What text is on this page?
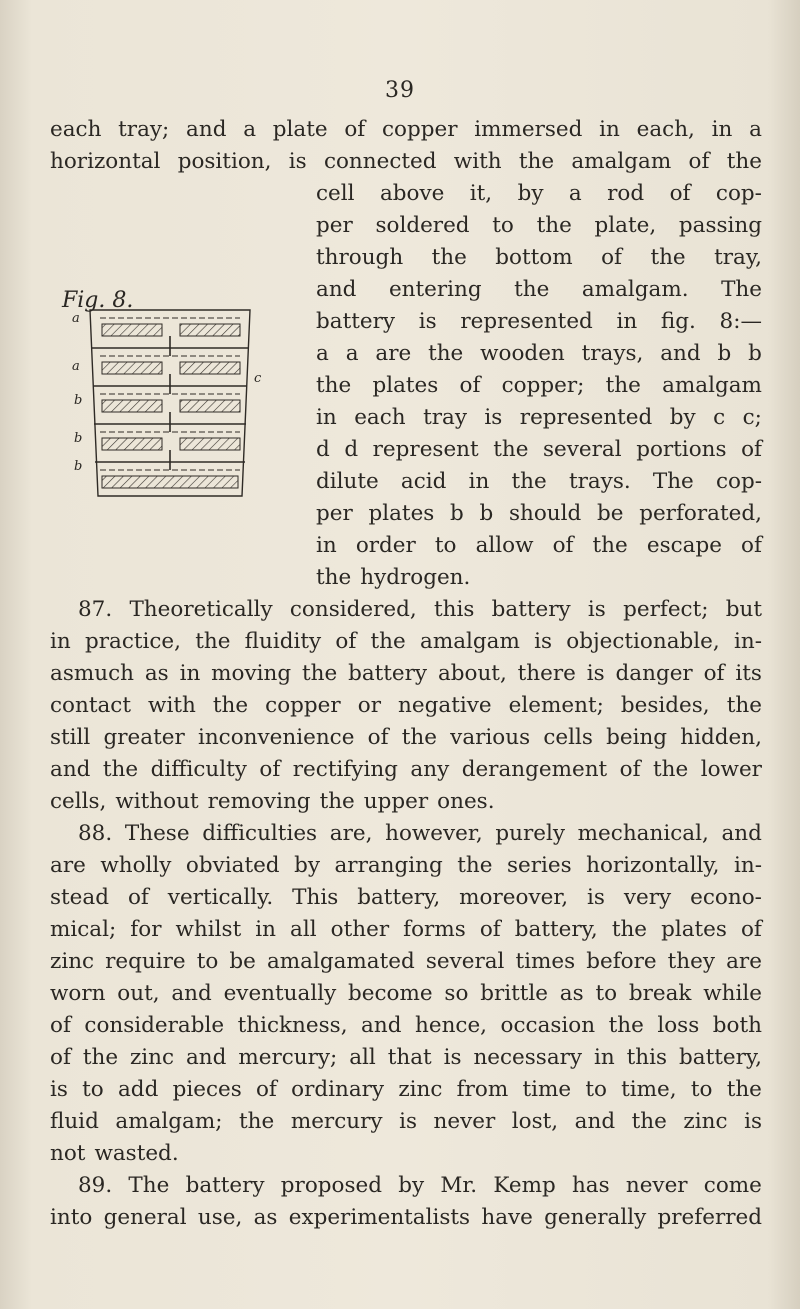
39
Fig. 8.
a
a
b
b
b
c
each tray; and a plate of copper immersed in each, in a
horizontal position, is connected with the amalgam of the
cell above it, by a rod of cop-
per soldered to the plate, passing
through the bottom of the tray,
and entering the amalgam. The
battery is represented in fig. 8:—
a a are the wooden trays, and b b
the plates of copper; the amalgam
in each tray is represented by c c;
d d represent the several portions of
dilute acid in the trays. The cop-
per plates b b should be perforated,
in order to allow of the escape of
the hydrogen.
87. Theoretically considered, this battery is perfect; but
in practice, the fluidity of the amalgam is objectionable, in-
asmuch as in moving the battery about, there is danger of its
contact with the copper or negative element; besides, the
still greater inconvenience of the various cells being hidden,
and the difficulty of rectifying any derangement of the lower
cells, without removing the upper ones.
88. These difficulties are, however, purely mechanical, and
are wholly obviated by arranging the series horizontally, in-
stead of vertically. This battery, moreover, is very econo-
mical; for whilst in all other forms of battery, the plates of
zinc require to be amalgamated several times before they are
worn out, and eventually become so brittle as to break while
of considerable thickness, and hence, occasion the loss both
of the zinc and mercury; all that is necessary in this battery,
is to add pieces of ordinary zinc from time to time, to the
fluid amalgam; the mercury is never lost, and the zinc is
not wasted.
89. The battery proposed by Mr. Kemp has never come
into general use, as experimentalists have generally preferred
